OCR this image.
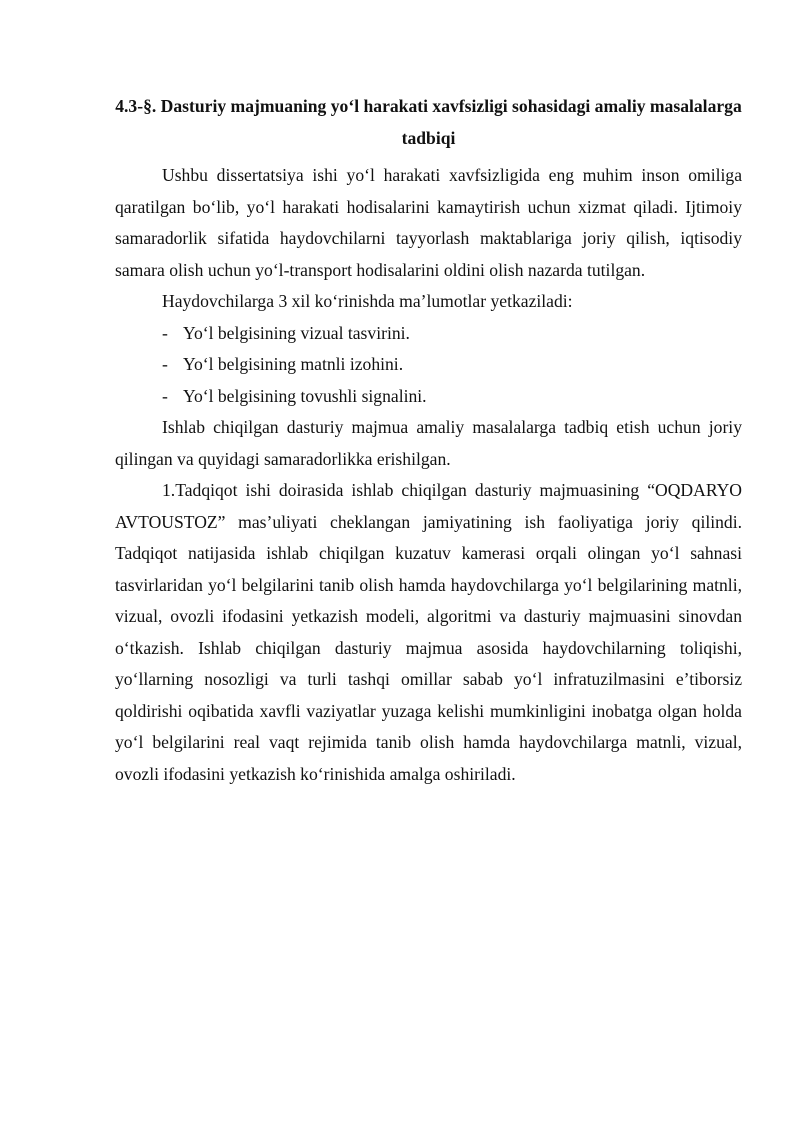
4.3-§. Dasturiy majmuaning yo‘l harakati xavfsizligi sohasidagi amaliy masalalarga tadbiqi

Ushbu dissertatsiya ishi yo‘l harakati xavfsizligida eng muhim inson omiliga qaratilgan bo‘lib, yo‘l harakati hodisalarini kamaytirish uchun xizmat qiladi. Ijtimoiy samaradorlik sifatida haydovchilarni tayyorlash maktablariga joriy qilish, iqtisodiy samara olish uchun yo‘l-transport hodisalarini oldini olish nazarda tutilgan.

Haydovchilarga 3 xil ko‘rinishda ma’lumotlar yetkaziladi:

- Yo‘l belgisining vizual tasvirini.
- Yo‘l belgisining matnli izohini.
- Yo‘l belgisining tovushli signalini.

Ishlab chiqilgan dasturiy majmua amaliy masalalarga tadbiq etish uchun joriy qilingan va quyidagi samaradorlikka erishilgan.

1.Tadqiqot ishi doirasida ishlab chiqilgan dasturiy majmuasining “OQDARYO AVTOUSTOZ” mas’uliyati cheklangan jamiyatining ish faoliyatiga joriy qilindi. Tadqiqot natijasida ishlab chiqilgan kuzatuv kamerasi orqali olingan yo‘l sahnasi tasvirlaridan yo‘l belgilarini tanib olish hamda haydovchilarga yo‘l belgilarining matnli, vizual, ovozli ifodasini yetkazish modeli, algoritmi va dasturiy majmuasini sinovdan o‘tkazish. Ishlab chiqilgan dasturiy majmua asosida haydovchilarning toliqishi, yo‘llarning nosozligi va turli tashqi omillar sabab yo‘l infratuzilmasini e’tiborsiz qoldirishi oqibatida xavfli vaziyatlar yuzaga kelishi mumkinligini inobatga olgan holda yo‘l belgilarini real vaqt rejimida tanib olish hamda haydovchilarga matnli, vizual, ovozli ifodasini yetkazish ko‘rinishida amalga oshiriladi.
